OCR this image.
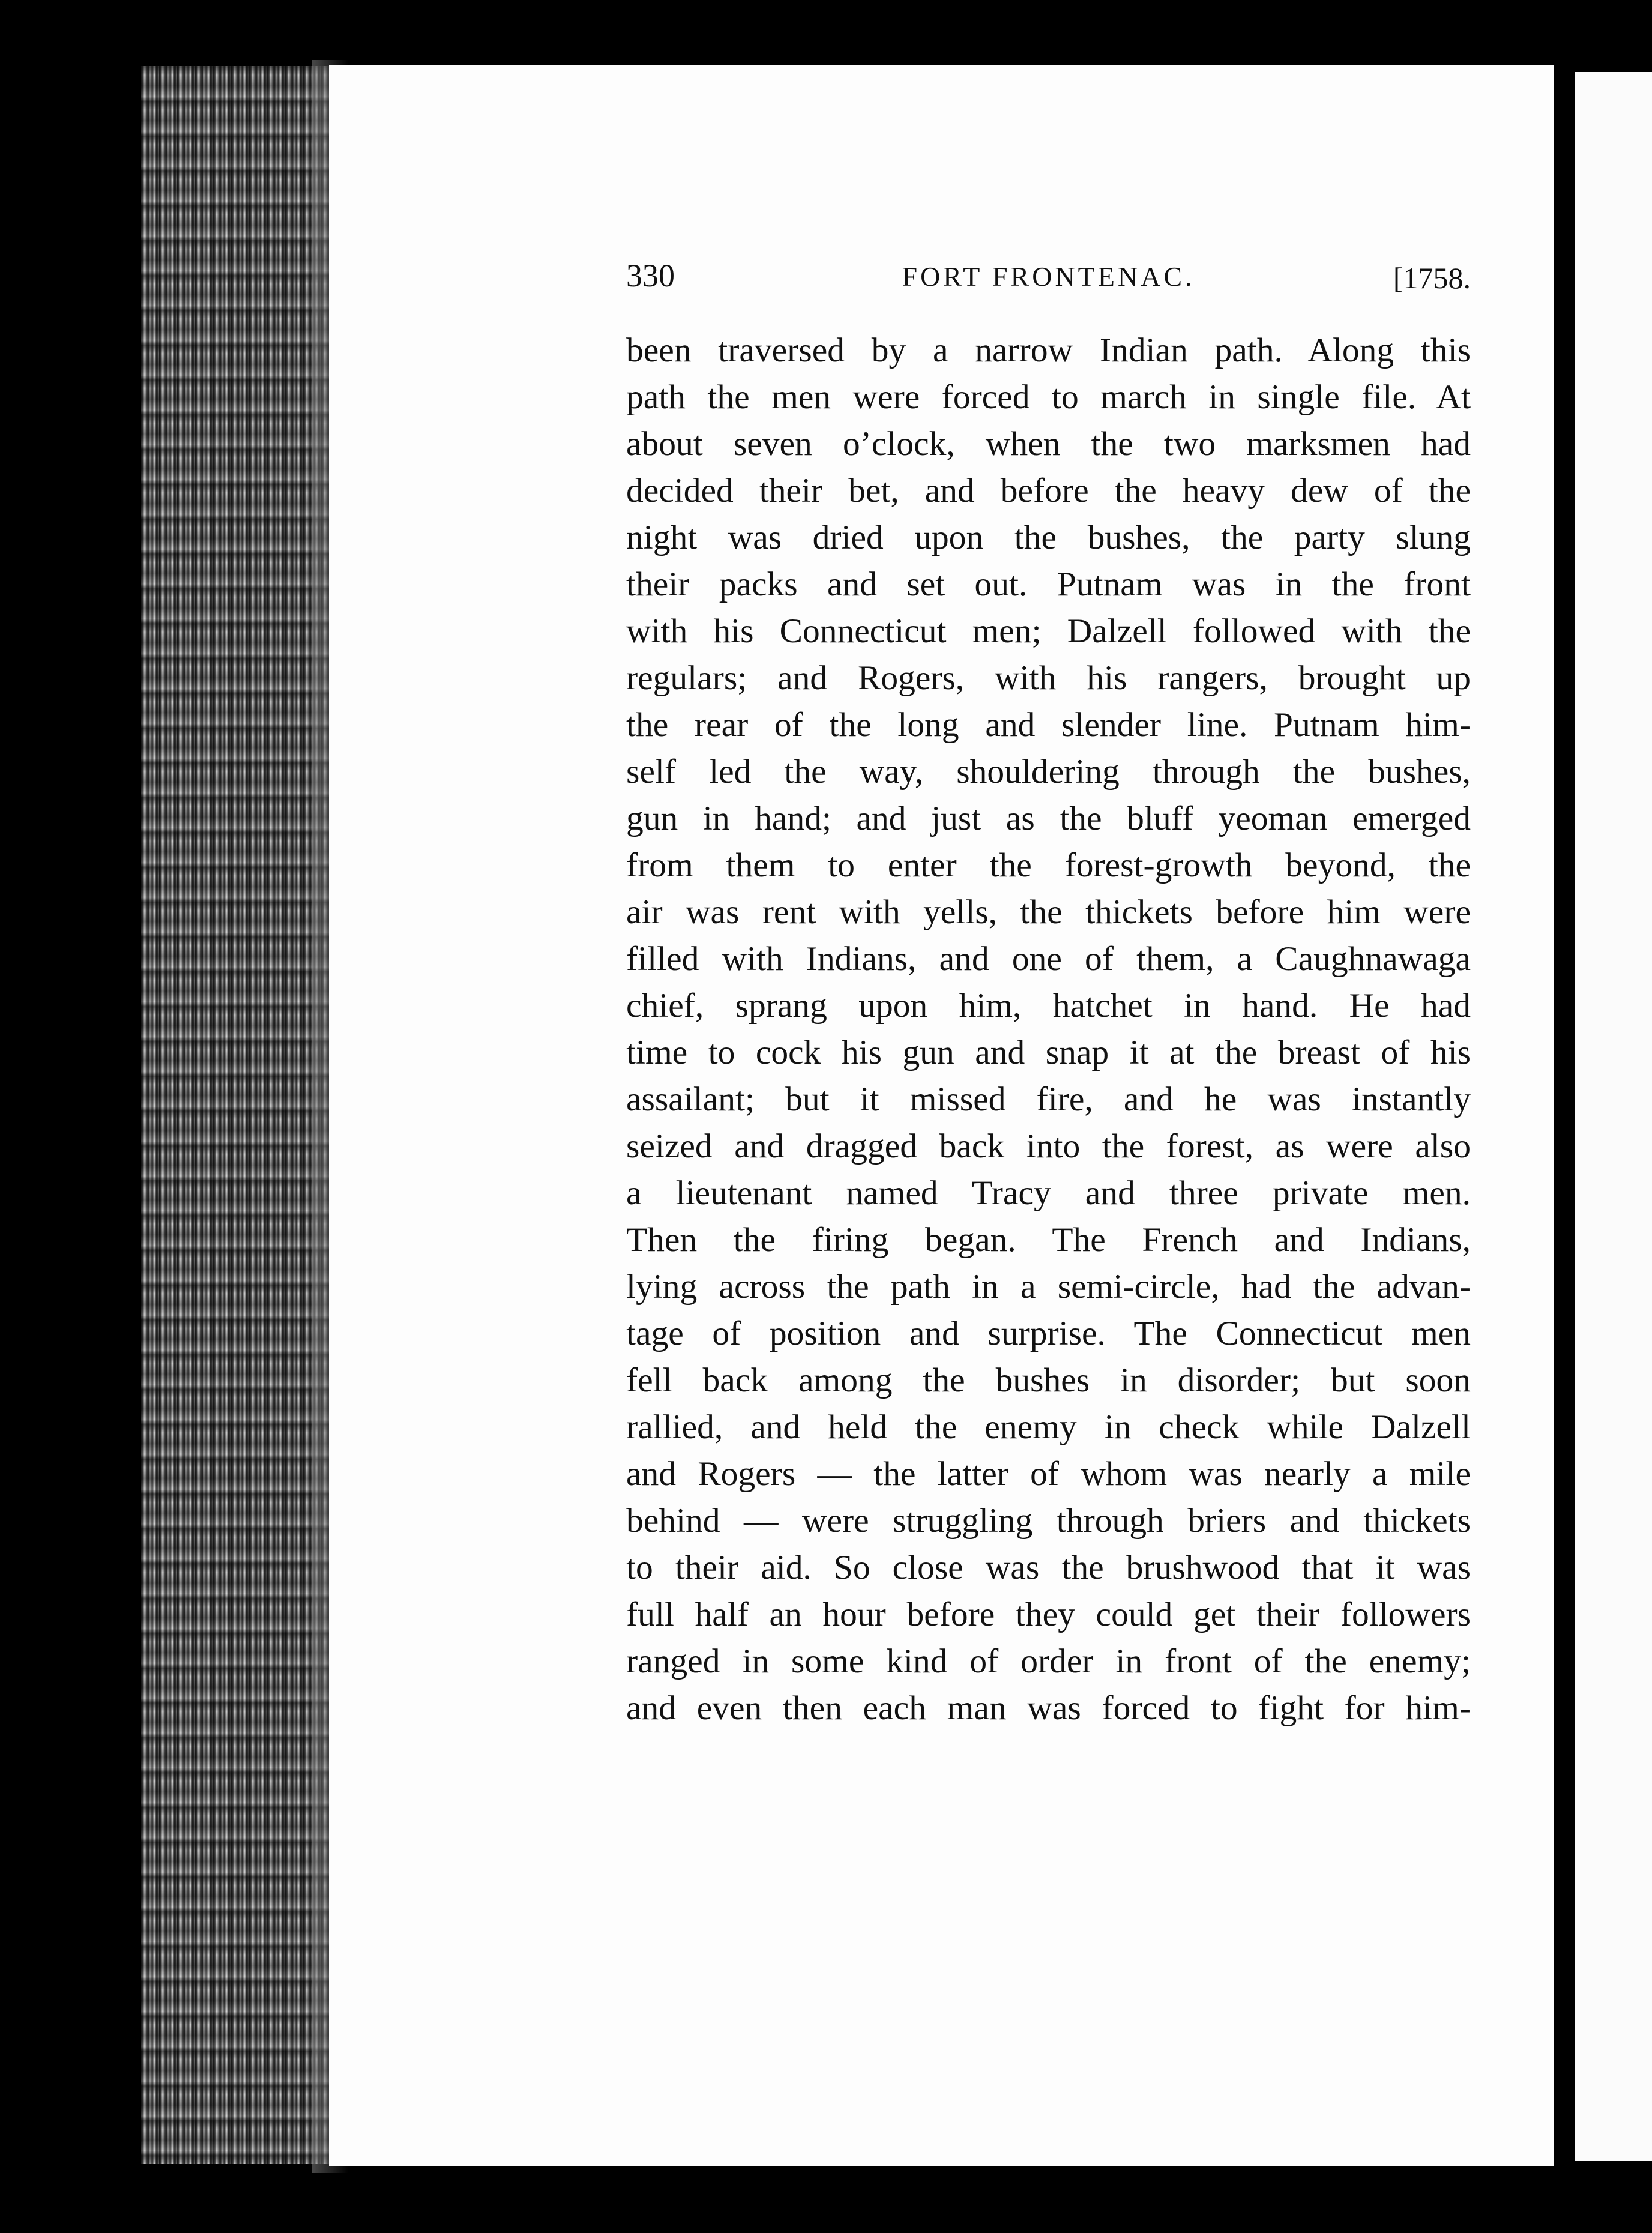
330	FORT FRONTENAC.	[1758.
been traversed by a narrow Indian path. Along this
path the men were forced to march in single file. At
about seven o’clock, when the two marksmen had
decided their bet, and before the heavy dew of the
night was dried upon the bushes, the party slung
their packs and set out. Putnam was in the front
with his Connecticut men; Dalzell followed with the
regulars; and Rogers, with his rangers, brought up
the rear of the long and slender line. Putnam him-
self led the way, shouldering through the bushes,
gun in hand; and just as the bluff yeoman emerged
from them to enter the forest-growth beyond, the
air was rent with yells, the thickets before him were
filled with Indians, and one of them, a Caughnawaga
chief, sprang upon him, hatchet in hand. He had
time to cock his gun and snap it at the breast of his
assailant; but it missed fire, and he was instantly
seized and dragged back into the forest, as were also
a lieutenant named Tracy and three private men.
Then the firing began. The French and Indians,
lying across the path in a semi-circle, had the advan-
tage of position and surprise. The Connecticut men
fell back among the bushes in disorder; but soon
rallied, and held the enemy in check while Dalzell
and Rogers — the latter of whom was nearly a mile
behind — were struggling through briers and thickets
to their aid. So close was the brushwood that it was
full half an hour before they could get their followers
ranged in some kind of order in front of the enemy;
and even then each man was forced to fight for him-
